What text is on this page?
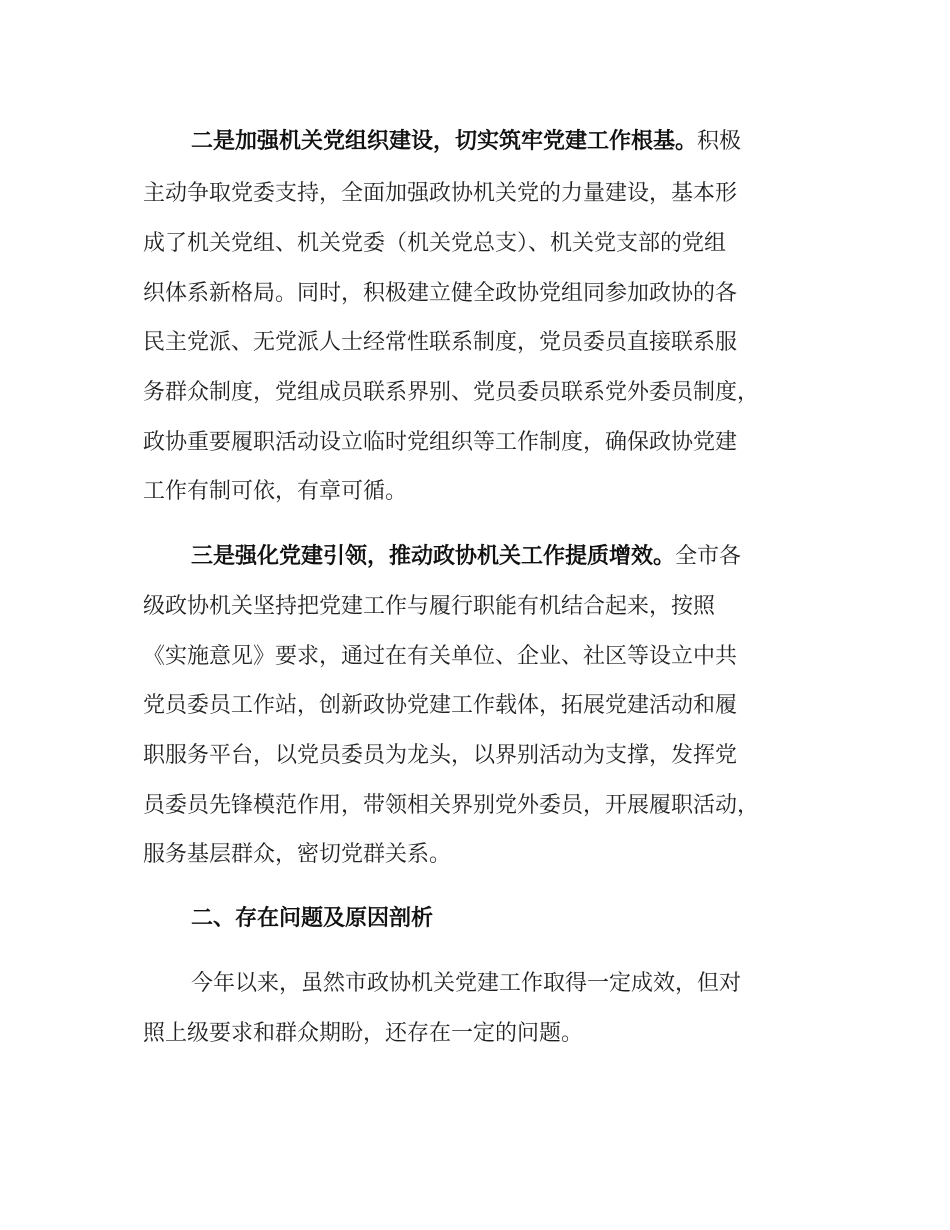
二是加强机关党组织建设，切实筑牢党建工作根基。积极
主动争取党委支持，全面加强政协机关党的力量建设，基本形
成了机关党组、机关党委（机关党总支）、机关党支部的党组
织体系新格局。同时，积极建立健全政协党组同参加政协的各
民主党派、无党派人士经常性联系制度，党员委员直接联系服
务群众制度，党组成员联系界别、党员委员联系党外委员制度，
政协重要履职活动设立临时党组织等工作制度，确保政协党建
工作有制可依，有章可循。
三是强化党建引领，推动政协机关工作提质增效。全市各
级政协机关坚持把党建工作与履行职能有机结合起来，按照
《实施意见》要求，通过在有关单位、企业、社区等设立中共
党员委员工作站，创新政协党建工作载体，拓展党建活动和履
职服务平台，以党员委员为龙头，以界别活动为支撑，发挥党
员委员先锋模范作用，带领相关界别党外委员，开展履职活动，
服务基层群众，密切党群关系。
二、存在问题及原因剖析
今年以来，虽然市政协机关党建工作取得一定成效，但对
照上级要求和群众期盼，还存在一定的问题。
